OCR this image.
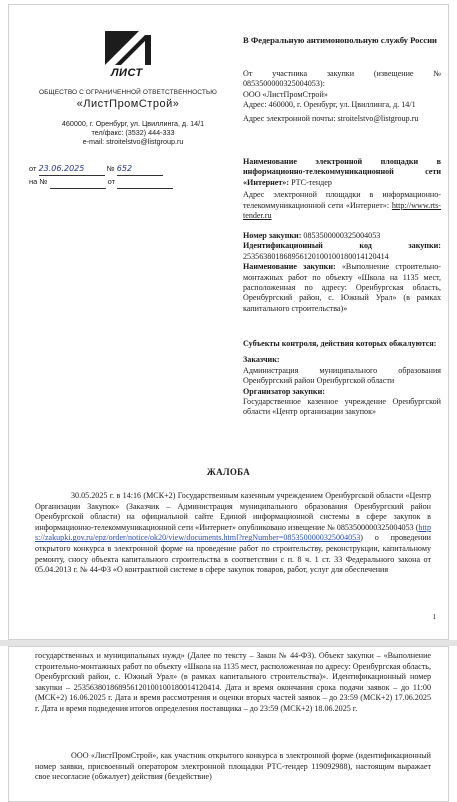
ЛИСТ
ОБЩЕСТВО С ОГРАНИЧЕННОЙ ОТВЕТСТВЕННОСТЬЮ
«ЛистПромСтрой»
460000, г. Оренбург, ул. Цвиллинга, д. 14/1
тел/факс: (3532) 444-333
e-mail: stroitelstvo@listgroup.ru
от 23.06.2025	№ 652
на №	от
В Федеральную антимонопольную службу России
От участника закупки (извещение № 0853500000325004053):
ООО «ЛистПромСтрой»
Адрес: 460000, г. Оренбург, ул. Цвиллинга, д. 14/1
Адрес электронной почты: stroitelstvo@listgroup.ru
Наименование электронной площадки в информационно-телекоммуникационной сети «Интернет»: РТС-тендер
Адрес электронной площадки в информационно-телекоммуникационной сети «Интернет»: http://www.rts-tender.ru
Номер закупки: 0853500000325004053
Идентификационный код закупки: 253563801868956120100100180014120414
Наименование закупки: «Выполнение строительно-монтажных работ по объекту «Школа на 1135 мест, расположенная по адресу: Оренбургская область, Оренбургский район, с. Южный Урал» (в рамках капитального строительства)»
Субъекты контроля, действия которых обжалуются:
Заказчик:
Администрация муниципального образования Оренбургский район Оренбургской области
Организатор закупки:
Государственное казенное учреждение Оренбургской области «Центр организации закупок»
ЖАЛОБА
30.05.2025 г. в 14:16 (МСК+2) Государственным казенным учреждением Оренбургской области «Центр Организации Закупок» (Заказчик – Администрация муниципального образования Оренбургский район Оренбургской области) на официальной сайте Единой информационной системы в сфере закупок в информационно-телекоммуникационной сети «Интернет» опубликовано извещение № 0853500000325004053 (https://zakupki.gov.ru/epz/order/notice/ok20/view/documents.html?regNumber=0853500000325004053) о проведении открытого конкурса в электронной форме на проведение работ по строительству, реконструкции, капитальному ремонту, сносу объекта капитального строительства в соответствии с п. 8 ч. 1 ст. 33 Федерального закона от 05.04.2013 г. № 44-ФЗ «О контрактной системе в сфере закупок товаров, работ, услуг для обеспечения
1
государственных и муниципальных нужд» (Далее по тексту – Закон № 44-ФЗ). Объект закупки – «Выполнение строительно-монтажных работ по объекту «Школа на 1135 мест, расположенная по адресу: Оренбургская область, Оренбургский район, с. Южный Урал» (в рамках капитального строительства)». Идентификационный номер закупки – 253563801868956120100100180014120414. Дата и время окончания срока подачи заявок – до 11:00 (МСК+2) 16.06.2025 г. Дата и время рассмотрения и оценки вторых частей заявок – до 23:59 (МСК+2) 17.06.2025 г. Дата и время подведения итогов определения поставщика – до 23:59 (МСК+2) 18.06.2025 г.
ООО «ЛистПромСтрой», как участник открытого конкурса в электронной форме (идентификационный номер заявки, присвоенный оператором электронной площадки РТС-тендер 119092988), настоящим выражает свое несогласие (обжалует) действия (бездействие)
